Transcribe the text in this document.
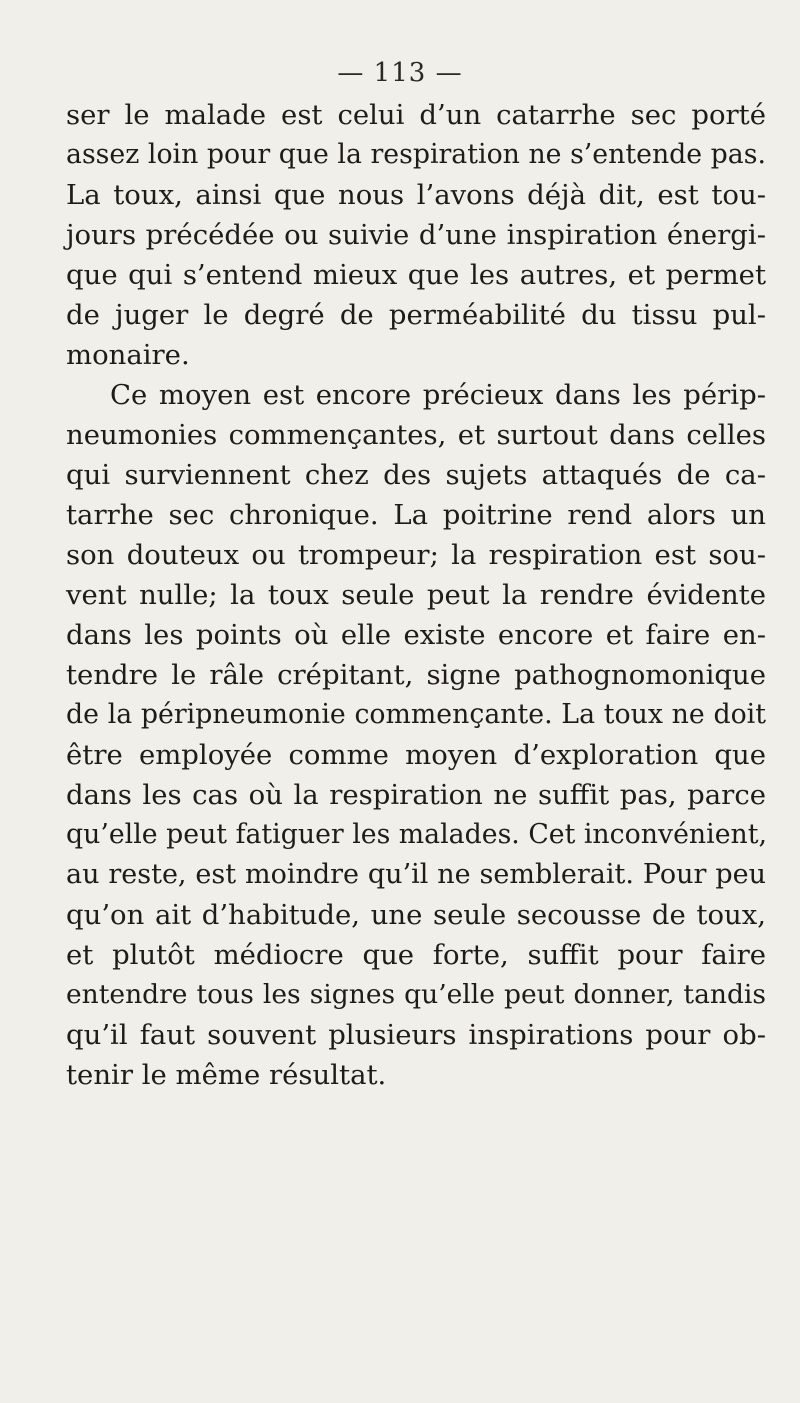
— 113 —
ser le malade est celui d’un catarrhe sec porté
assez loin pour que la respiration ne s’entende pas.
La toux, ainsi que nous l’avons déjà dit, est tou-
jours précédée ou suivie d’une inspiration énergi-
que qui s’entend mieux que les autres, et permet
de juger le degré de perméabilité du tissu pul-
monaire.
Ce moyen est encore précieux dans les périp-
neumonies commençantes, et surtout dans celles
qui surviennent chez des sujets attaqués de ca-
tarrhe sec chronique. La poitrine rend alors un
son douteux ou trompeur; la respiration est sou-
vent nulle; la toux seule peut la rendre évidente
dans les points où elle existe encore et faire en-
tendre le râle crépitant, signe pathognomonique
de la péripneumonie commençante. La toux ne doit
être employée comme moyen d’exploration que
dans les cas où la respiration ne suffit pas, parce
qu’elle peut fatiguer les malades. Cet inconvénient,
au reste, est moindre qu’il ne semblerait. Pour peu
qu’on ait d’habitude, une seule secousse de toux,
et plutôt médiocre que forte, suffit pour faire
entendre tous les signes qu’elle peut donner, tandis
qu’il faut souvent plusieurs inspirations pour ob-
tenir le même résultat.
